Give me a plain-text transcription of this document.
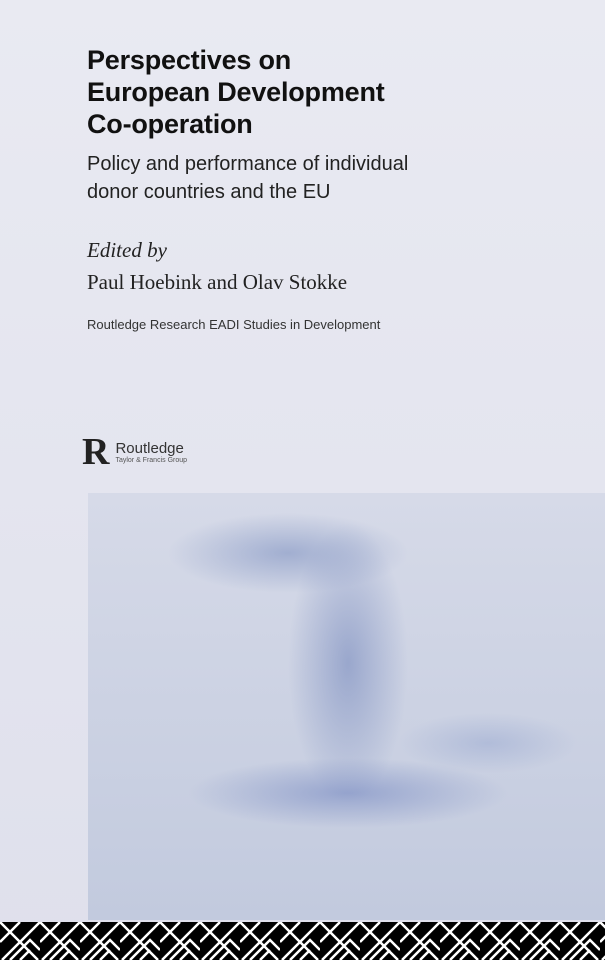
Perspectives on
European Development
Co-operation
Policy and performance of individual
donor countries and the EU
Edited by
Paul Hoebink and Olav Stokke
Routledge Research EADI Studies in Development
R Routledge
Taylor & Francis Group
